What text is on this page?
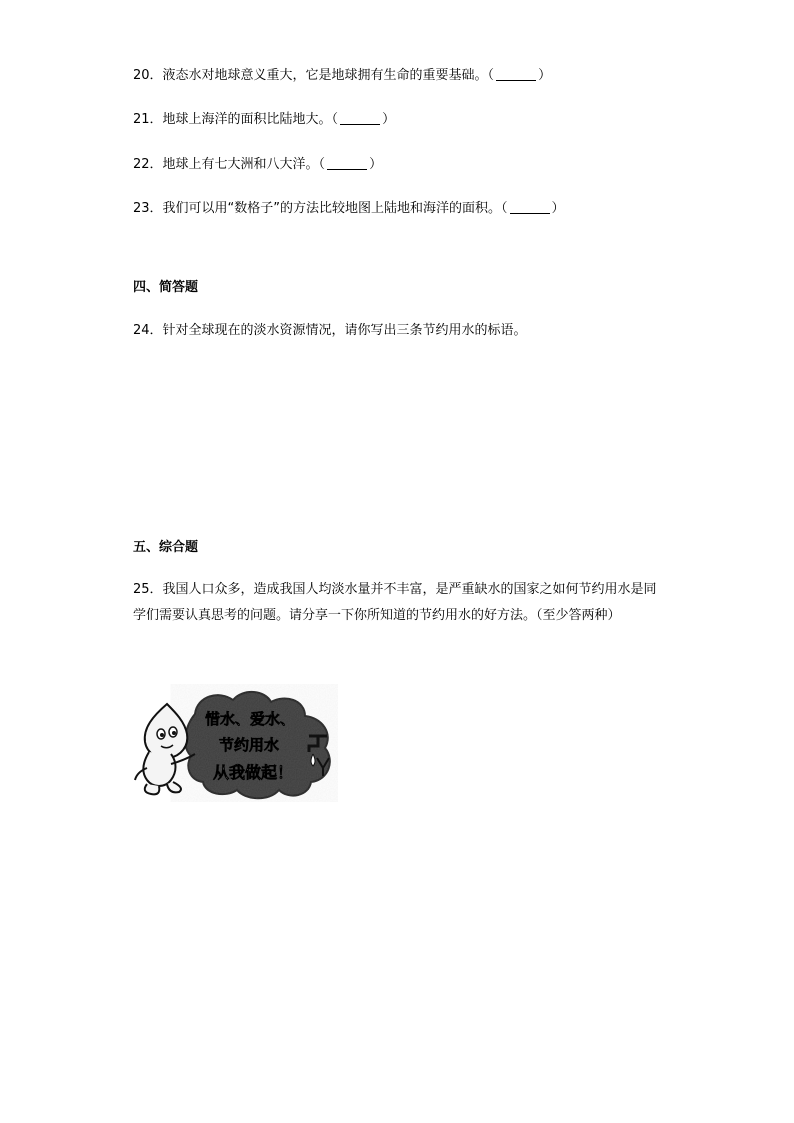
20．液态水对地球意义重大，它是地球拥有生命的重要基础。（	）
21．地球上海洋的面积比陆地大。（	）
22．地球上有七大洲和八大洋。（	）
23．我们可以用“数格子”的方法比较地图上陆地和海洋的面积。（	）
四、简答题
24．针对全球现在的淡水资源情况，请你写出三条节约用水的标语。
五、综合题
25．我国人口众多，造成我国人均淡水量并不丰富，是严重缺水的国家之如何节约用水是同学们需要认真思考的问题。请分享一下你所知道的节约用水的好方法。（至少答两种）
惜水、爱水、
节约用水
从我做起！
